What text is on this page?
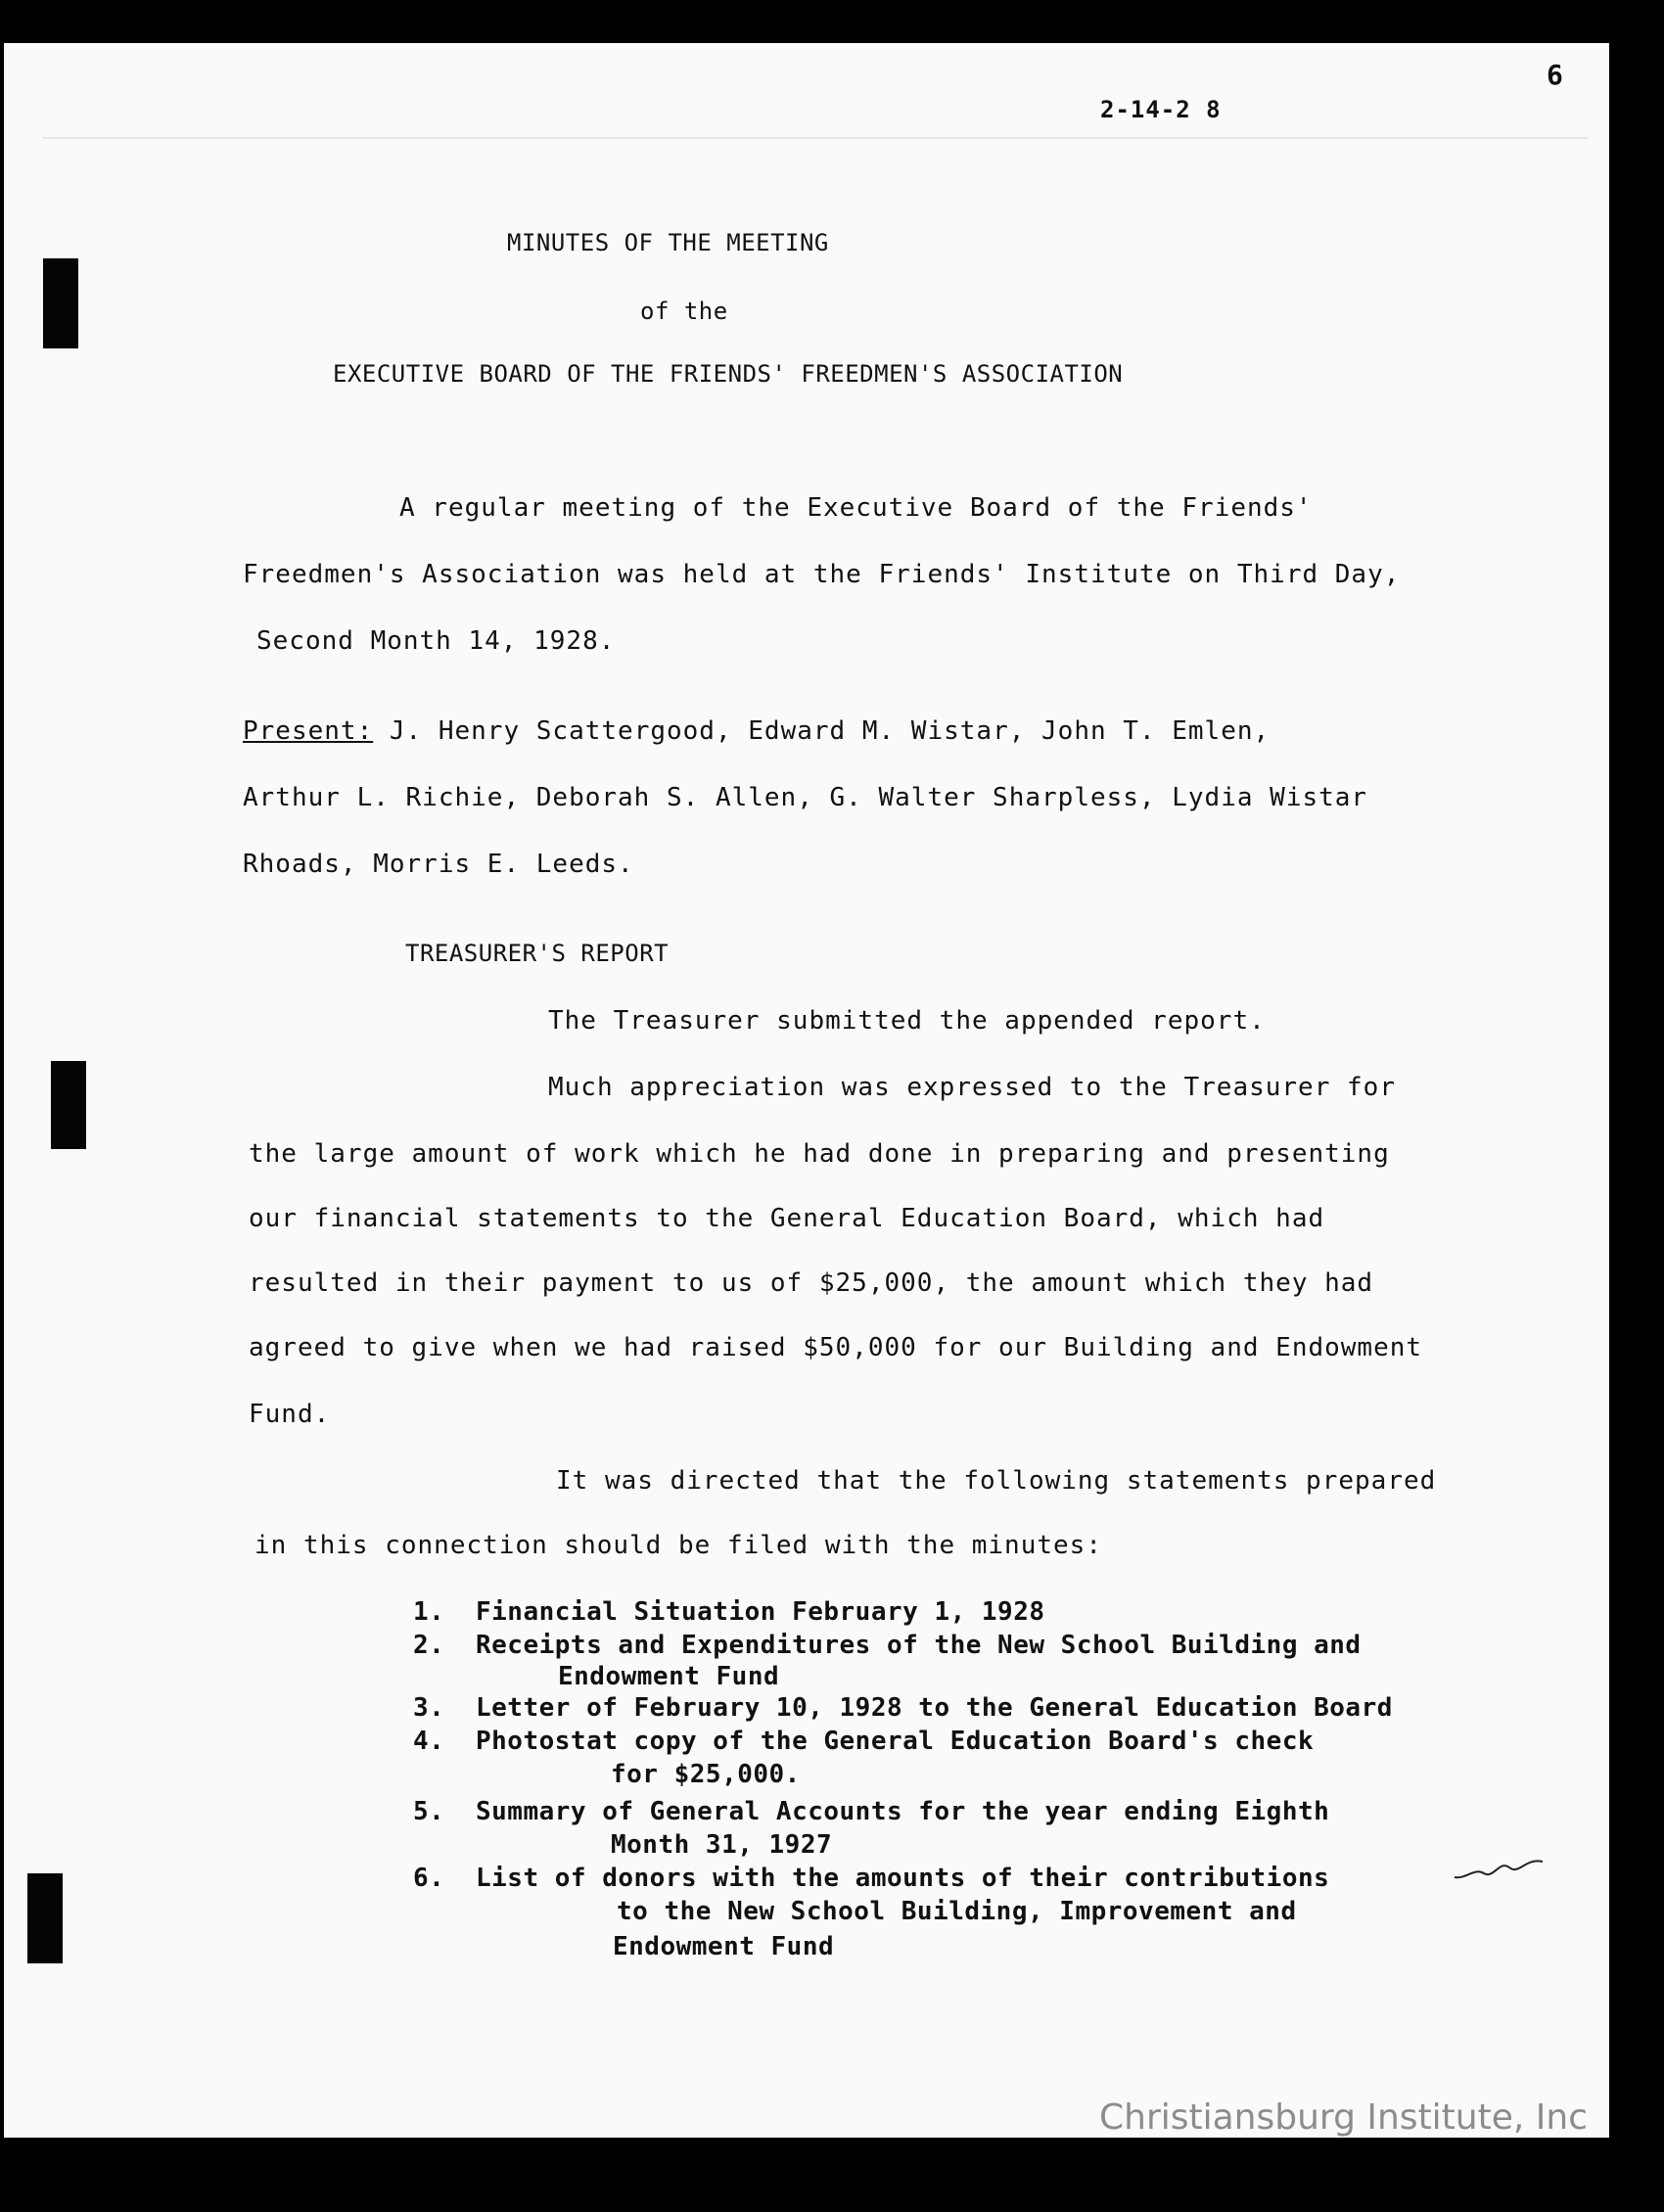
6
2-14-2 8
MINUTES OF THE MEETING
of the
EXECUTIVE BOARD OF THE FRIENDS' FREEDMEN'S ASSOCIATION
A regular meeting of the Executive Board of the Friends'
Freedmen's Association was held at the Friends' Institute on Third Day,
Second Month 14, 1928.
Present: J. Henry Scattergood, Edward M. Wistar, John T. Emlen,
Arthur L. Richie, Deborah S. Allen, G. Walter Sharpless, Lydia Wistar
Rhoads, Morris E. Leeds.
TREASURER'S REPORT
The Treasurer submitted the appended report.
Much appreciation was expressed to the Treasurer for
the large amount of work which he had done in preparing and presenting
our financial statements to the General Education Board, which had
resulted in their payment to us of $25,000, the amount which they had
agreed to give when we had raised $50,000 for our Building and Endowment
Fund.
It was directed that the following statements prepared
in this connection should be filed with the minutes:
1. Financial Situation February 1, 1928
2. Receipts and Expenditures of the New School Building and
Endowment Fund
3. Letter of February 10, 1928 to the General Education Board
4. Photostat copy of the General Education Board's check
for $25,000.
5. Summary of General Accounts for the year ending Eighth
Month 31, 1927
6. List of donors with the amounts of their contributions
to the New School Building, Improvement and
Endowment Fund
Christiansburg Institute, Inc
